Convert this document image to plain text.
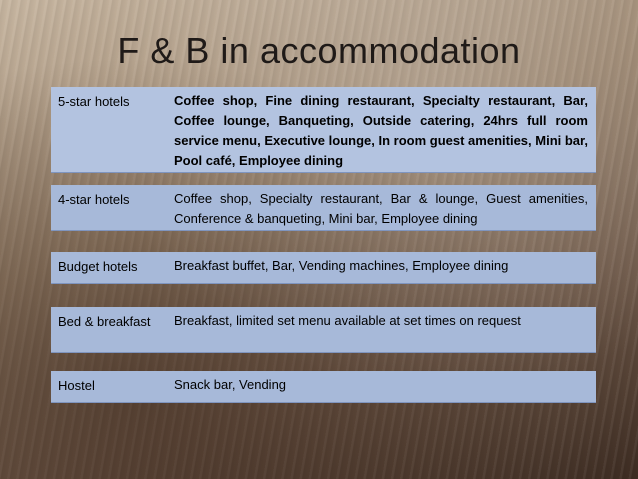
F & B in accommodation
5-star hotels	Coffee shop, Fine dining restaurant, Specialty restaurant, Bar, Coffee lounge, Banqueting, Outside catering, 24hrs full room service menu, Executive lounge, In room guest amenities, Mini bar, Pool café, Employee dining
4-star hotels	Coffee shop, Specialty restaurant, Bar & lounge, Guest amenities, Conference & banqueting, Mini bar, Employee dining
Budget hotels	Breakfast buffet, Bar, Vending machines, Employee dining
Bed & breakfast	Breakfast, limited set menu available at set times on request
Hostel	Snack bar, Vending
